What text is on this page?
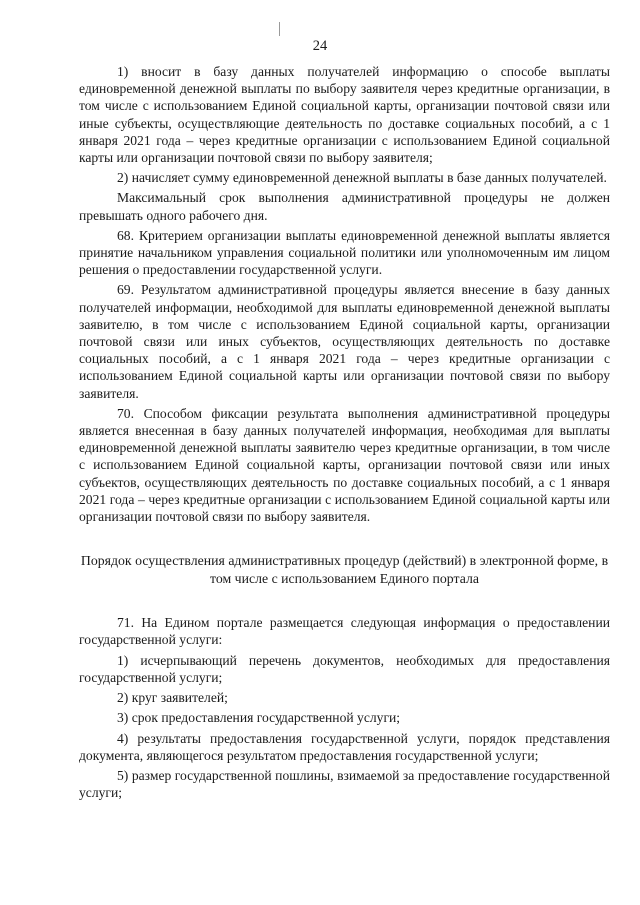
24

1) вносит в базу данных получателей информацию о способе выплаты единовременной денежной выплаты по выбору заявителя через кредитные организации, в том числе с использованием Единой социальной карты, организации почтовой связи или иные субъекты, осуществляющие деятельность по доставке социальных пособий, а с 1 января 2021 года – через кредитные организации с использованием Единой социальной карты или организации почтовой связи по выбору заявителя;

2) начисляет сумму единовременной денежной выплаты в базе данных получателей.

Максимальный срок выполнения административной процедуры не должен превышать одного рабочего дня.

68. Критерием организации выплаты единовременной денежной выплаты является принятие начальником управления социальной политики или уполномоченным им лицом решения о предоставлении государственной услуги.

69. Результатом административной процедуры является внесение в базу данных получателей информации, необходимой для выплаты единовременной денежной выплаты заявителю, в том числе с использованием Единой социальной карты, организации почтовой связи или иных субъектов, осуществляющих деятельность по доставке социальных пособий, а с 1 января 2021 года – через кредитные организации с использованием Единой социальной карты или организации почтовой связи по выбору заявителя.

70. Способом фиксации результата выполнения административной процедуры является внесенная в базу данных получателей информация, необходимая для выплаты единовременной денежной выплаты заявителю через кредитные организации, в том числе с использованием Единой социальной карты, организации почтовой связи или иных субъектов, осуществляющих деятельность по доставке социальных пособий, а с 1 января 2021 года – через кредитные организации с использованием Единой социальной карты или организации почтовой связи по выбору заявителя.

Порядок осуществления административных процедур (действий) в электронной форме, в том числе с использованием Единого портала

71. На Едином портале размещается следующая информация о предоставлении государственной услуги:

1) исчерпывающий перечень документов, необходимых для предоставления государственной услуги;

2) круг заявителей;

3) срок предоставления государственной услуги;

4) результаты предоставления государственной услуги, порядок представления документа, являющегося результатом предоставления государственной услуги;

5) размер государственной пошлины, взимаемой за предоставление государственной услуги;
